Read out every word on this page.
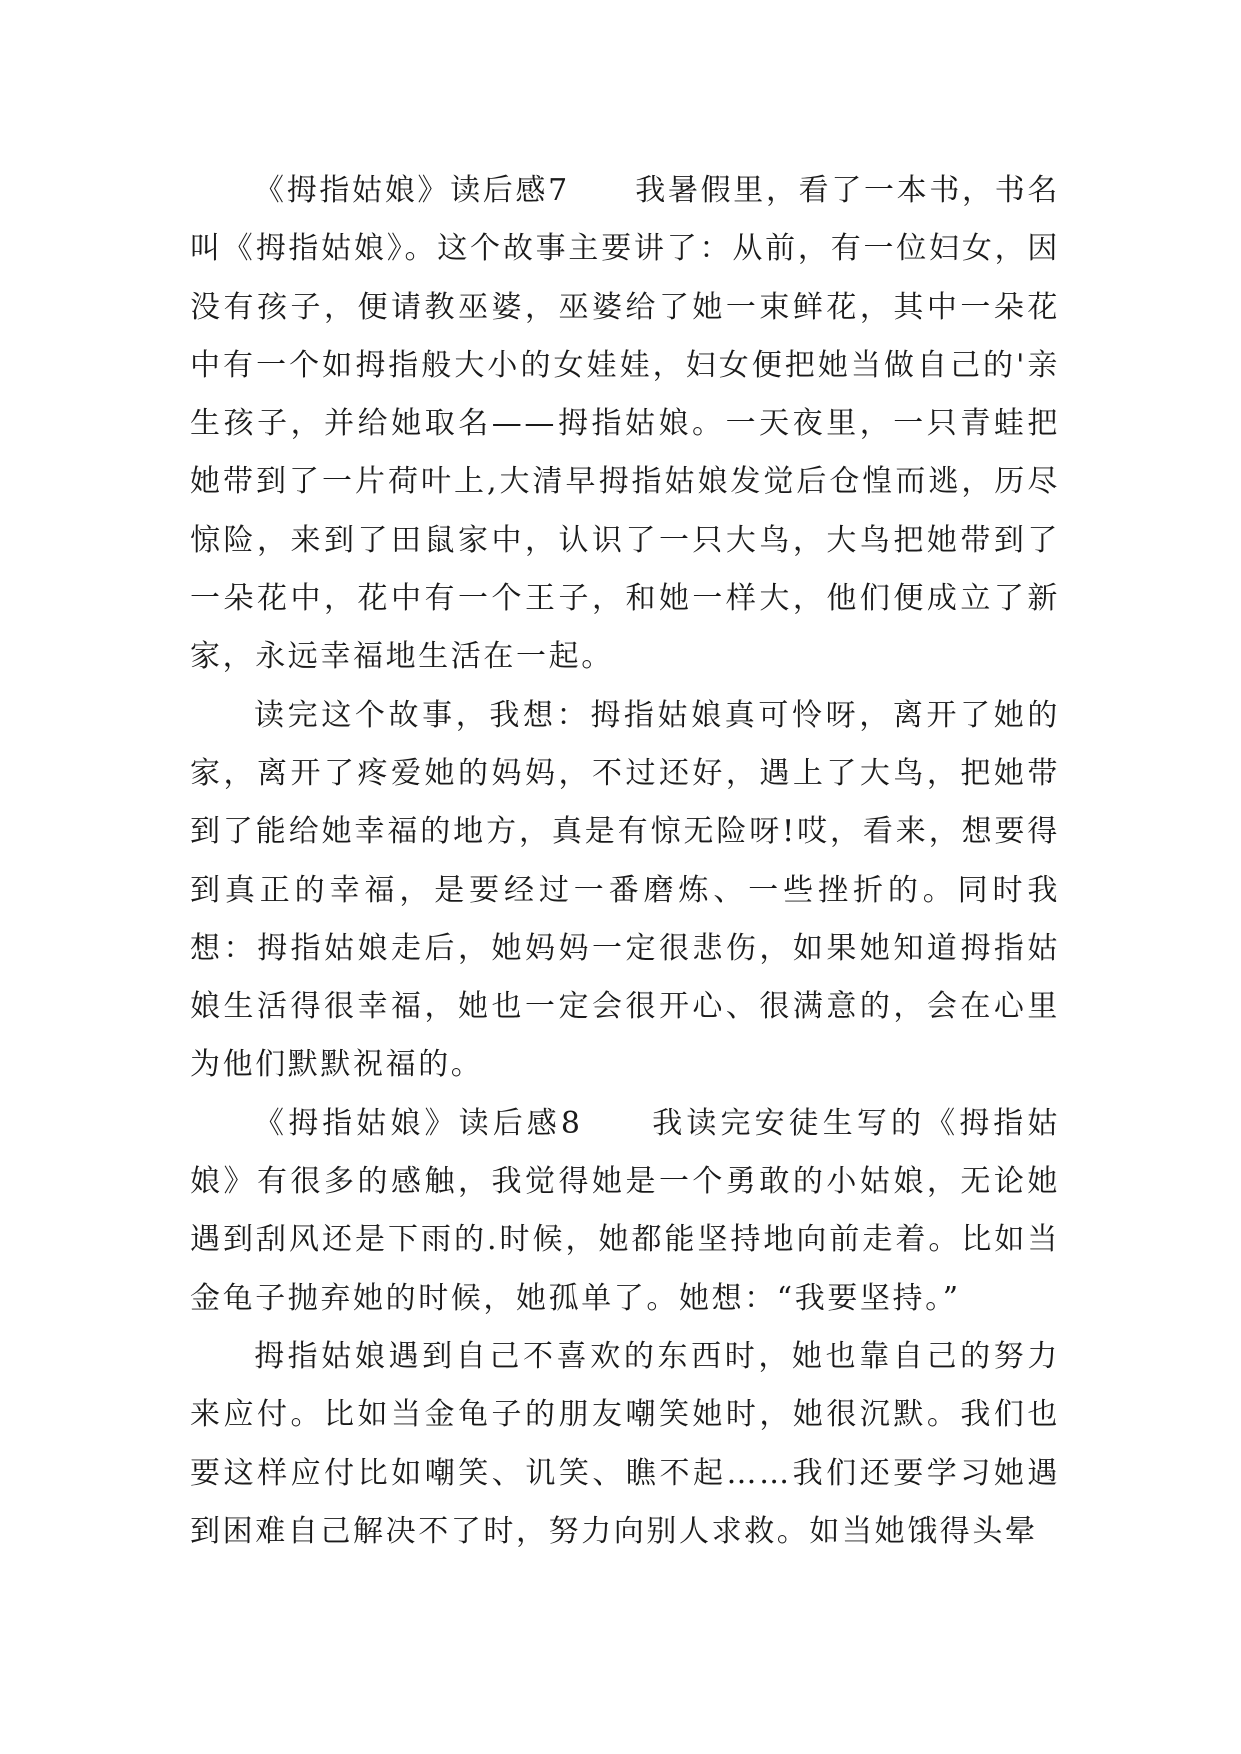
《拇指姑娘》读后感7　　我暑假里，看了一本书，书名叫《拇指姑娘》。这个故事主要讲了：从前，有一位妇女，因没有孩子，便请教巫婆，巫婆给了她一束鲜花，其中一朵花中有一个如拇指般大小的女娃娃，妇女便把她当做自己的'亲生孩子，并给她取名——拇指姑娘。一天夜里，一只青蛙把她带到了一片荷叶上,大清早拇指姑娘发觉后仓惶而逃，历尽惊险，来到了田鼠家中，认识了一只大鸟，大鸟把她带到了一朵花中，花中有一个王子，和她一样大，他们便成立了新家，永远幸福地生活在一起。

读完这个故事，我想：拇指姑娘真可怜呀，离开了她的家，离开了疼爱她的妈妈，不过还好，遇上了大鸟，把她带到了能给她幸福的地方，真是有惊无险呀!哎，看来，想要得到真正的幸福，是要经过一番磨炼、一些挫折的。同时我想：拇指姑娘走后，她妈妈一定很悲伤，如果她知道拇指姑娘生活得很幸福，她也一定会很开心、很满意的，会在心里为他们默默祝福的。

《拇指姑娘》读后感8　　我读完安徒生写的《拇指姑娘》有很多的感触，我觉得她是一个勇敢的小姑娘，无论她遇到刮风还是下雨的.时候，她都能坚持地向前走着。比如当金龟子抛弃她的时候，她孤单了。她想：“我要坚持。”

拇指姑娘遇到自己不喜欢的东西时，她也靠自己的努力来应付。比如当金龟子的朋友嘲笑她时，她很沉默。我们也要这样应付比如嘲笑、讥笑、瞧不起……我们还要学习她遇到困难自己解决不了时，努力向别人求救。如当她饿得头晕
